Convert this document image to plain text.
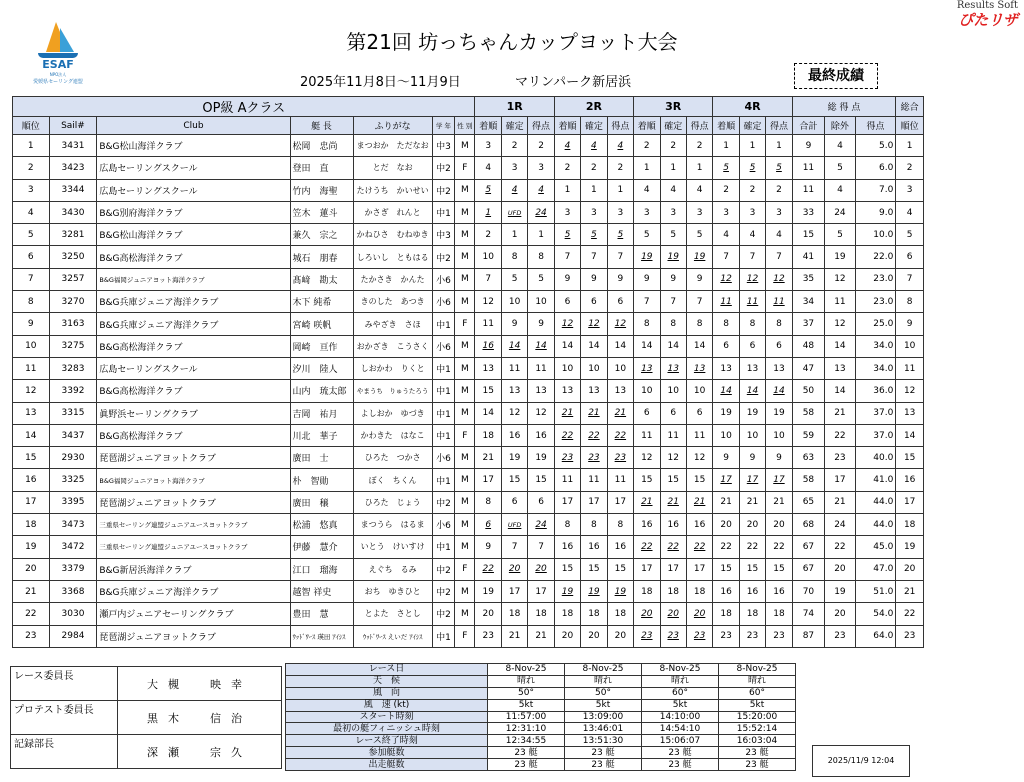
ESAF
NPO法人
愛媛県セーリング連盟
Results Soft
ぴたリザ
第21回 坊っちゃんカップヨット大会
2025年11月8日～11月9日	マリンパーク新居浜	最終成績
OP級 Aクラス							1R			2R			3R			4R			総 得 点			総合
順位	Sail#	Club	艇 長	ふりがな	学 年	性 別	着順	確定	得点	着順	確定	得点	着順	確定	得点	着順	確定	得点	合計	除外	得点	順位
1	3431	B&G松山海洋クラブ	松岡　忠尚	まつおか　ただなお	中3	M	3	2	2	4	4	4	2	2	2	1	1	1	9	4	5.0	1
2	3423	広島セーリングスクール	登田　直	とだ　なお	中2	F	4	3	3	2	2	2	1	1	1	5	5	5	11	5	6.0	2
3	3344	広島セーリングスクール	竹内　海聖	たけうち　かいせい	中2	M	5	4	4	1	1	1	4	4	4	2	2	2	11	4	7.0	3
4	3430	B&G別府海洋クラブ	笠木　蓮斗	かさぎ　れんと	中1	M	1	UFD	24	3	3	3	3	3	3	3	3	3	33	24	9.0	4
5	3281	B&G松山海洋クラブ	兼久　宗之	かねひさ　むねゆき	中3	M	2	1	1	5	5	5	5	5	5	4	4	4	15	5	10.0	5
6	3250	B&G高松海洋クラブ	城石　朋春	しろいし　ともはる	中2	M	10	8	8	7	7	7	19	19	19	7	7	7	41	19	22.0	6
7	3257	B&G福岡ジュニアヨット海洋クラブ	髙﨑　勘太	たかさき　かんた	小6	M	7	5	5	9	9	9	9	9	9	12	12	12	35	12	23.0	7
8	3270	B&G兵庫ジュニア海洋クラブ	木下 純希	きのした　あつき	小6	M	12	10	10	6	6	6	7	7	7	11	11	11	34	11	23.0	8
9	3163	B&G兵庫ジュニア海洋クラブ	宮崎 咲帆	みやざき　さほ	中1	F	11	9	9	12	12	12	8	8	8	8	8	8	37	12	25.0	9
10	3275	B&G高松海洋クラブ	岡崎　亘作	おかざき　こうさく	小6	M	16	14	14	14	14	14	14	14	14	6	6	6	48	14	34.0	10
11	3283	広島セーリングスクール	汐川　陸人	しおかわ　りくと	中1	M	13	11	11	10	10	10	13	13	13	13	13	13	47	13	34.0	11
12	3392	B&G高松海洋クラブ	山内　琉太郎	やまうち　りゅうたろう	中1	M	15	13	13	13	13	13	10	10	10	14	14	14	50	14	36.0	12
13	3315	眞野浜セーリングクラブ	吉岡　祐月	よしおか　ゆづき	中1	M	14	12	12	21	21	21	6	6	6	19	19	19	58	21	37.0	13
14	3437	B&G高松海洋クラブ	川北　華子	かわきた　はなこ	中1	F	18	16	16	22	22	22	11	11	11	10	10	10	59	22	37.0	14
15	2930	琵琶湖ジュニアヨットクラブ	廣田　士	ひろた　つかさ	小6	M	21	19	19	23	23	23	12	12	12	9	9	9	63	23	40.0	15
16	3325	B&G福岡ジュニアヨット海洋クラブ	朴　智勛	ぼく　ちくん	中1	M	17	15	15	11	11	11	15	15	15	17	17	17	58	17	41.0	16
17	3395	琵琶湖ジュニアヨットクラブ	廣田　穣	ひろた　じょう	中2	M	8	6	6	17	17	17	21	21	21	21	21	21	65	21	44.0	17
18	3473	三重県セーリング連盟ジュニアユースヨットクラブ	松浦　悠真	まつうら　はるま	小6	M	6	UFD	24	8	8	8	16	16	16	20	20	20	68	24	44.0	18
19	3472	三重県セーリング連盟ジュニアユースヨットクラブ	伊藤　慧介	いとう　けいすけ	中1	M	9	7	7	16	16	16	22	22	22	22	22	22	67	22	45.0	19
20	3379	B&G新居浜海洋クラブ	江口　瑠海	えぐち　るみ	中2	F	22	20	20	15	15	15	17	17	17	15	15	15	67	20	47.0	20
21	3368	B&G兵庫ジュニア海洋クラブ	越智 祥史	おち　ゆきひと	中2	M	19	17	17	19	19	19	18	18	18	16	16	16	70	19	51.0	21
22	3030	瀬戸内ジュニアセーリングクラブ	豊田　慧	とよた　さとし	中2	M	20	18	18	18	18	18	20	20	20	18	18	18	74	20	54.0	22
23	2984	琵琶湖ジュニアヨットクラブ	ｳｯﾄﾞﾜｰｽ 瑛田 ｱｲｼｽ	ｳｯﾄﾞﾜｰｽ えいだ ｱｲｼｽ	中1	F	23	21	21	20	20	20	23	23	23	23	23	23	87	23	64.0	23
レース委員長	大槻　映幸
プロテスト委員長	黒木　信治
記録部長	深瀬　宗久
レース日	8-Nov-25	8-Nov-25	8-Nov-25	8-Nov-25
天　候	晴れ	晴れ	晴れ	晴れ
風　向	50°	50°	60°	60°
風　速 (kt)	5kt	5kt	5kt	5kt
スタート時刻	11:57:00	13:09:00	14:10:00	15:20:00
最初の艇フィニッシュ時刻	12:31:10	13:46:01	14:54:10	15:52:14
レース終了時刻	12:34:55	13:51:30	15:06:07	16:03:04
参加艇数	23 艇	23 艇	23 艇	23 艇
出走艇数	23 艇	23 艇	23 艇	23 艇	2025/11/9 12:04
